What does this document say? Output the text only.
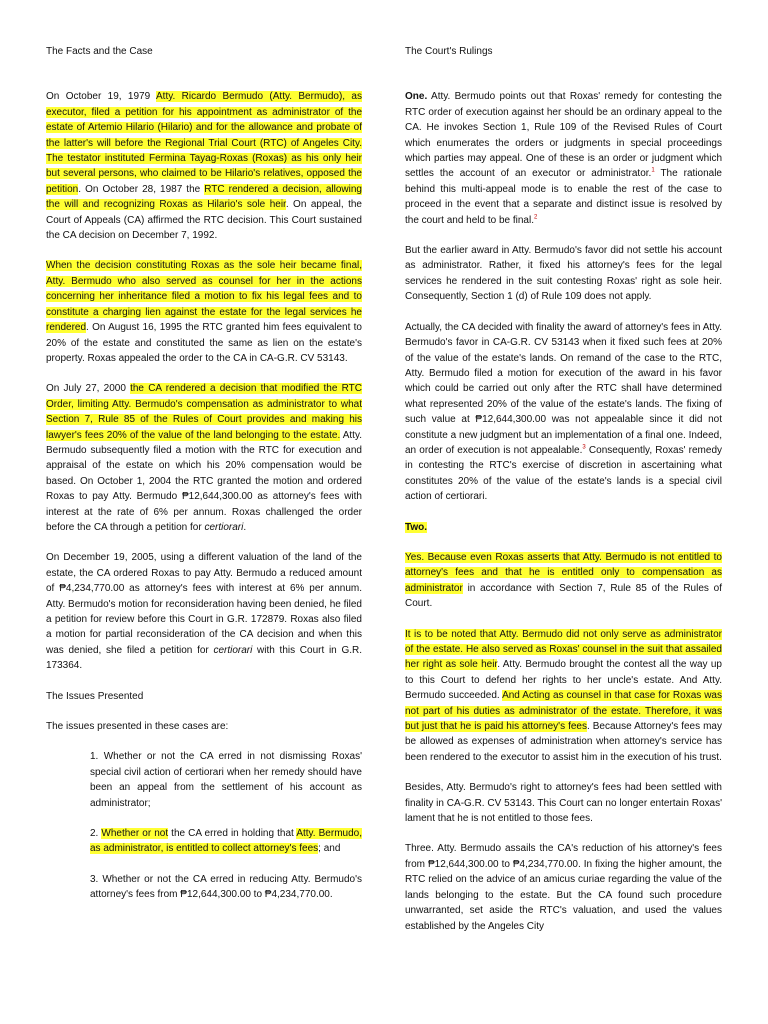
The Facts and the Case

On October 19, 1979 Atty. Ricardo Bermudo (Atty. Bermudo), as executor, filed a petition for his appointment as administrator of the estate of Artemio Hilario (Hilario) and for the allowance and probate of the latter's will before the Regional Trial Court (RTC) of Angeles City. The testator instituted Fermina Tayag-Roxas (Roxas) as his only heir but several persons, who claimed to be Hilario's relatives, opposed the petition. On October 28, 1987 the RTC rendered a decision, allowing the will and recognizing Roxas as Hilario's sole heir. On appeal, the Court of Appeals (CA) affirmed the RTC decision. This Court sustained the CA decision on December 7, 1992.

When the decision constituting Roxas as the sole heir became final, Atty. Bermudo who also served as counsel for her in the actions concerning her inheritance filed a motion to fix his legal fees and to constitute a charging lien against the estate for the legal services he rendered. On August 16, 1995 the RTC granted him fees equivalent to 20% of the estate and constituted the same as lien on the estate's property. Roxas appealed the order to the CA in CA-G.R. CV 53143.

On July 27, 2000 the CA rendered a decision that modified the RTC Order, limiting Atty. Bermudo's compensation as administrator to what Section 7, Rule 85 of the Rules of Court provides and making his lawyer's fees 20% of the value of the land belonging to the estate. Atty. Bermudo subsequently filed a motion with the RTC for execution and appraisal of the estate on which his 20% compensation would be based. On October 1, 2004 the RTC granted the motion and ordered Roxas to pay Atty. Bermudo ₱12,644,300.00 as attorney's fees with interest at the rate of 6% per annum. Roxas challenged the order before the CA through a petition for certiorari.

On December 19, 2005, using a different valuation of the land of the estate, the CA ordered Roxas to pay Atty. Bermudo a reduced amount of ₱4,234,770.00 as attorney's fees with interest at 6% per annum. Atty. Bermudo's motion for reconsideration having been denied, he filed a petition for review before this Court in G.R. 172879. Roxas also filed a motion for partial reconsideration of the CA decision and when this was denied, she filed a petition for certiorari with this Court in G.R. 173364.

The Issues Presented

The issues presented in these cases are:

1. Whether or not the CA erred in not dismissing Roxas' special civil action of certiorari when her remedy should have been an appeal from the settlement of his account as administrator;

2. Whether or not the CA erred in holding that Atty. Bermudo, as administrator, is entitled to collect attorney's fees; and

3. Whether or not the CA erred in reducing Atty. Bermudo's attorney's fees from ₱12,644,300.00 to ₱4,234,770.00.

The Court's Rulings

One. Atty. Bermudo points out that Roxas' remedy for contesting the RTC order of execution against her should be an ordinary appeal to the CA. He invokes Section 1, Rule 109 of the Revised Rules of Court which enumerates the orders or judgments in special proceedings which parties may appeal. One of these is an order or judgment which settles the account of an executor or administrator.$^1$ The rationale behind this multi-appeal mode is to enable the rest of the case to proceed in the event that a separate and distinct issue is resolved by the court and held to be final.$^2$

But the earlier award in Atty. Bermudo's favor did not settle his account as administrator. Rather, it fixed his attorney's fees for the legal services he rendered in the suit contesting Roxas' right as sole heir. Consequently, Section 1 (d) of Rule 109 does not apply.

Actually, the CA decided with finality the award of attorney's fees in Atty. Bermudo's favor in CA-G.R. CV 53143 when it fixed such fees at 20% of the value of the estate's lands. On remand of the case to the RTC, Atty. Bermudo filed a motion for execution of the award in his favor which could be carried out only after the RTC shall have determined what represented 20% of the value of the estate's lands. The fixing of such value at ₱12,644,300.00 was not appealable since it did not constitute a new judgment but an implementation of a final one. Indeed, an order of execution is not appealable.$^3$ Consequently, Roxas' remedy in contesting the RTC's exercise of discretion in ascertaining what constitutes 20% of the value of the estate's lands is a special civil action of certiorari.

Two.

Yes. Because even Roxas asserts that Atty. Bermudo is not entitled to attorney's fees and that he is entitled only to compensation as administrator in accordance with Section 7, Rule 85 of the Rules of Court.

It is to be noted that Atty. Bermudo did not only serve as administrator of the estate. He also served as Roxas' counsel in the suit that assailed her right as sole heir. Atty. Bermudo brought the contest all the way up to this Court to defend her rights to her uncle's estate. And Atty. Bermudo succeeded. And Acting as counsel in that case for Roxas was not part of his duties as administrator of the estate. Therefore, it was but just that he is paid his attorney's fees. Because Attorney's fees may be allowed as expenses of administration when attorney's service has been rendered to the executor to assist him in the execution of his trust.

Besides, Atty. Bermudo's right to attorney's fees had been settled with finality in CA-G.R. CV 53143. This Court can no longer entertain Roxas' lament that he is not entitled to those fees.

Three. Atty. Bermudo assails the CA's reduction of his attorney's fees from ₱12,644,300.00 to ₱4,234,770.00. In fixing the higher amount, the RTC relied on the advice of an amicus curiae regarding the value of the lands belonging to the estate. But the CA found such procedure unwarranted, set aside the RTC's valuation, and used the values established by the Angeles City
